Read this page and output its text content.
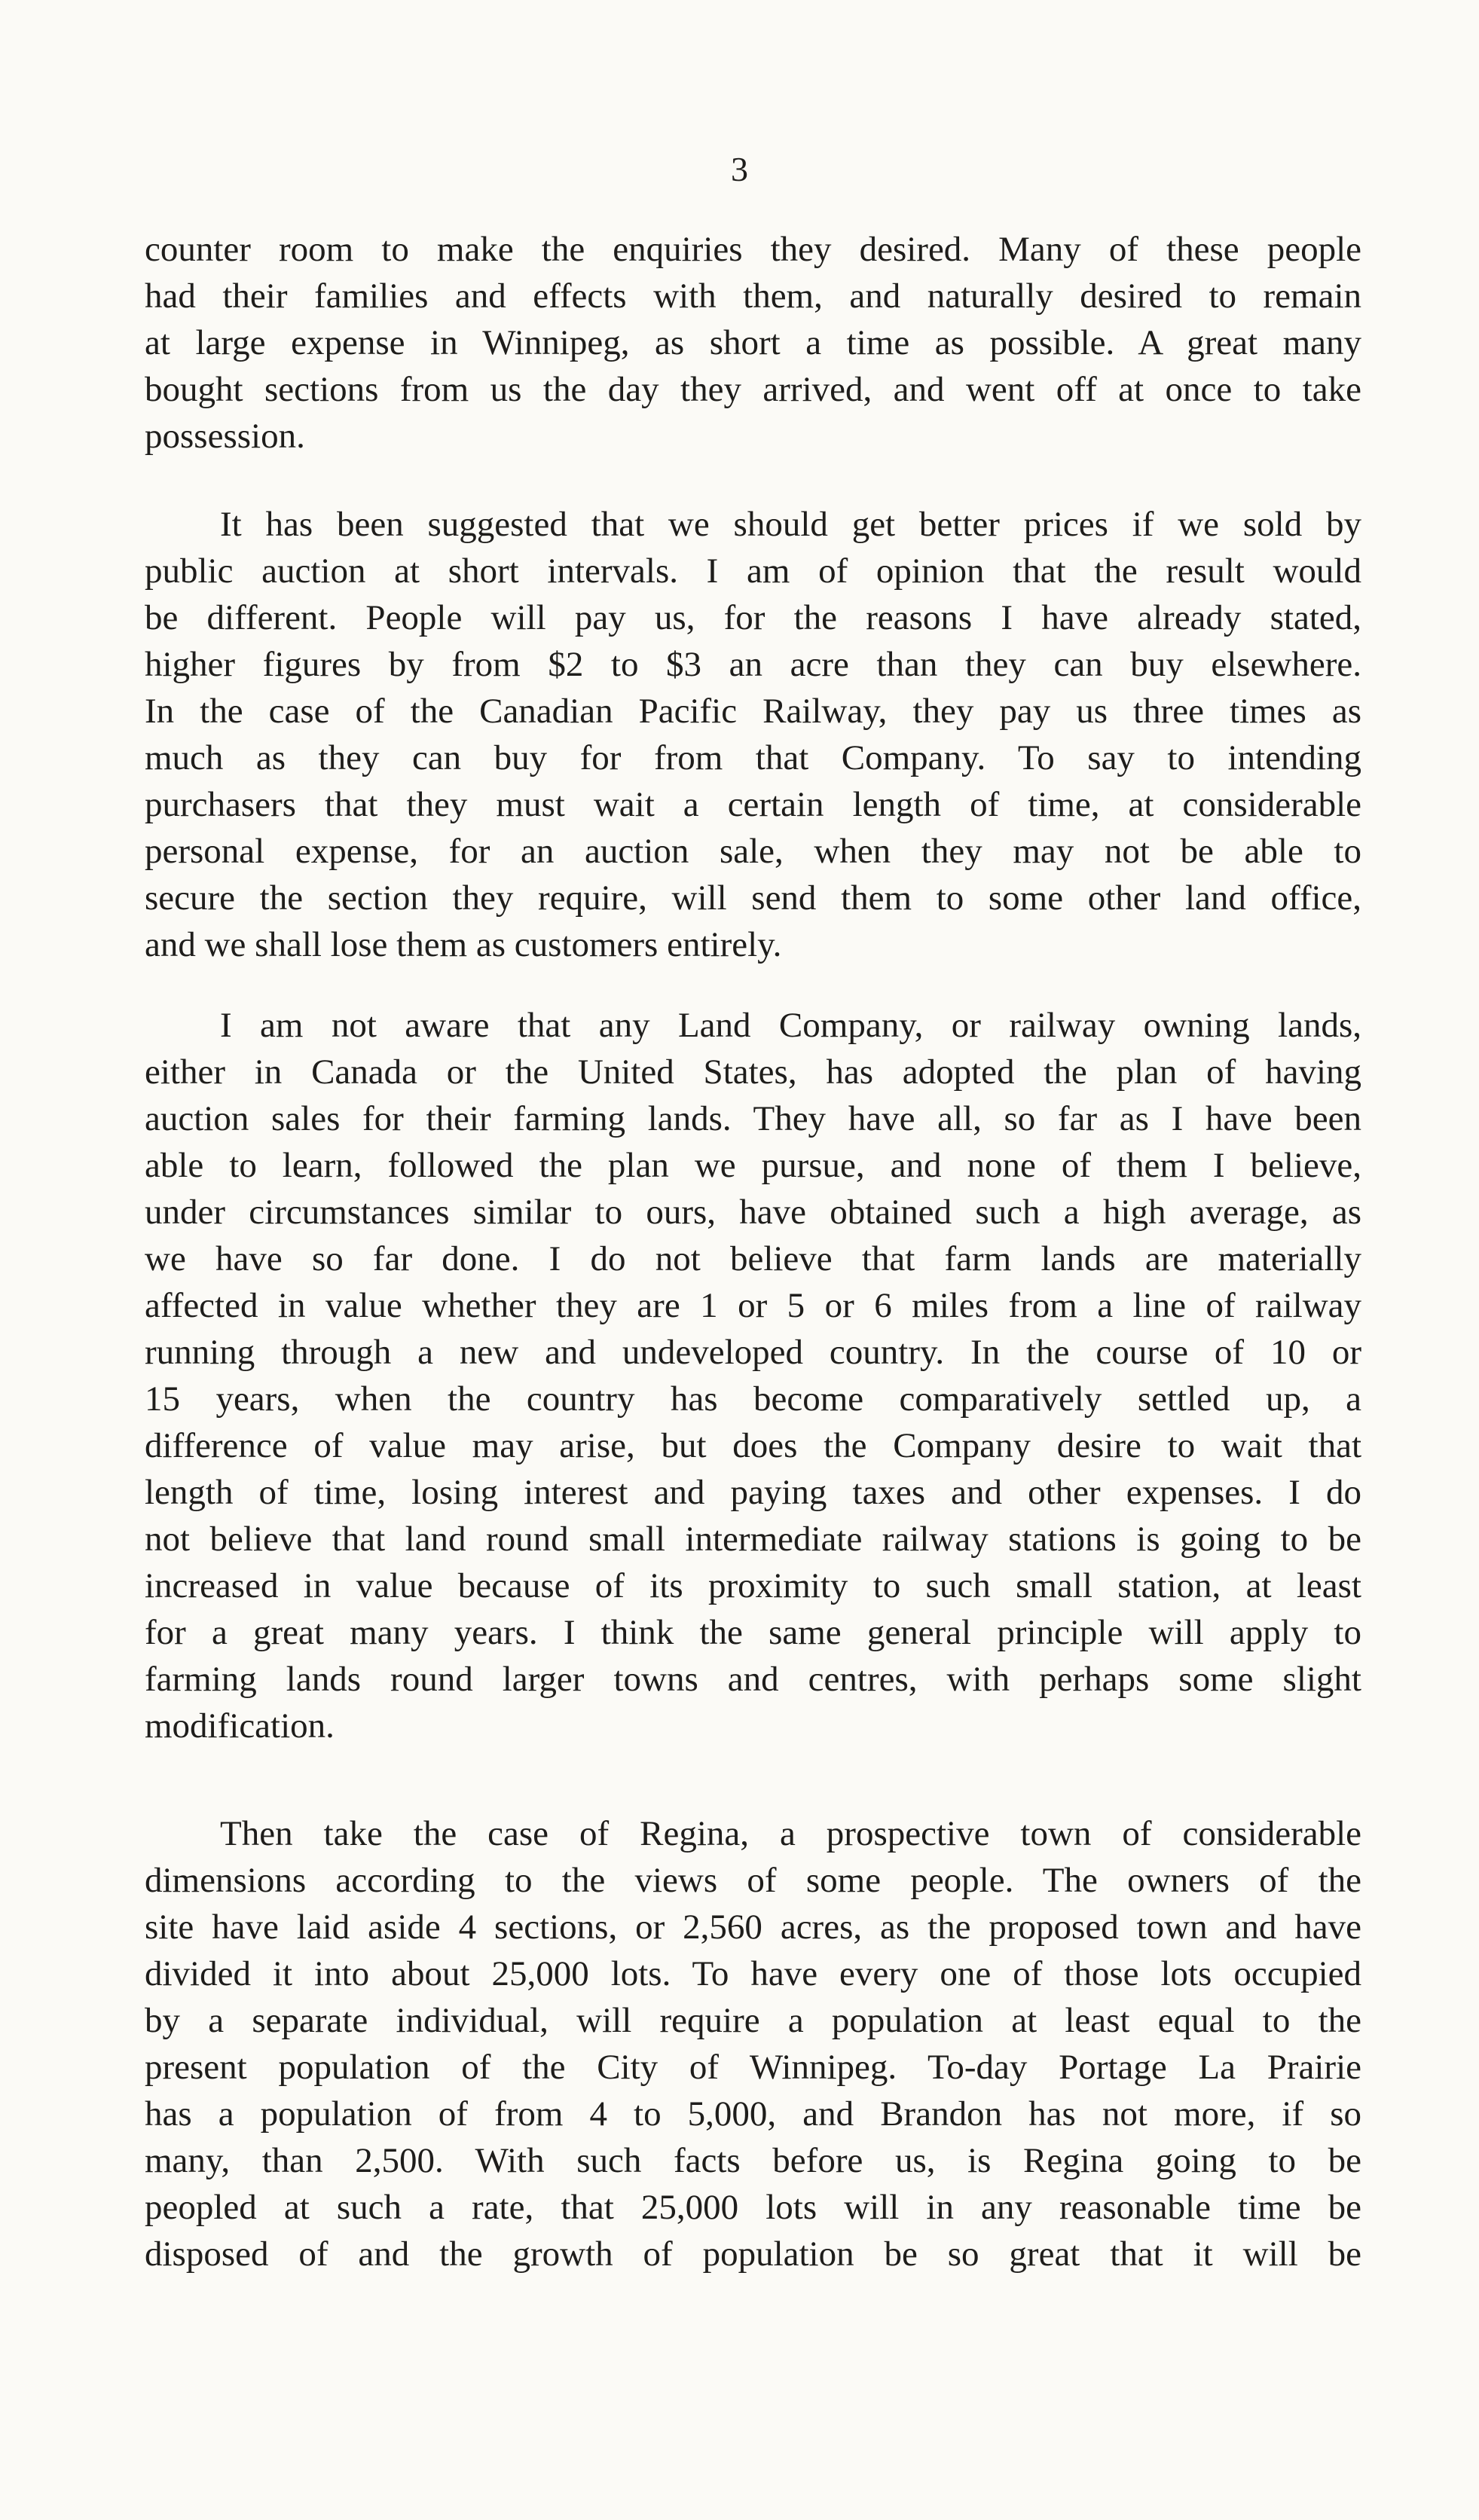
3
counter room to make the enquiries they desired. Many of these people
had their families and effects with them, and naturally desired to remain
at large expense in Winnipeg, as short a time as possible. A great many
bought sections from us the day they arrived, and went off at once to take
possession.
It has been suggested that we should get better prices if we sold by
public auction at short intervals. I am of opinion that the result would
be different. People will pay us, for the reasons I have already stated,
higher figures by from $2 to $3 an acre than they can buy elsewhere.
In the case of the Canadian Pacific Railway, they pay us three times as
much as they can buy for from that Company. To say to intending
purchasers that they must wait a certain length of time, at considerable
personal expense, for an auction sale, when they may not be able to
secure the section they require, will send them to some other land office,
and we shall lose them as customers entirely.
I am not aware that any Land Company, or railway owning lands,
either in Canada or the United States, has adopted the plan of having
auction sales for their farming lands. They have all, so far as I have been
able to learn, followed the plan we pursue, and none of them I believe,
under circumstances similar to ours, have obtained such a high average, as
we have so far done. I do not believe that farm lands are materially
affected in value whether they are 1 or 5 or 6 miles from a line of railway
running through a new and undeveloped country. In the course of 10 or
15 years, when the country has become comparatively settled up, a
difference of value may arise, but does the Company desire to wait that
length of time, losing interest and paying taxes and other expenses. I do
not believe that land round small intermediate railway stations is going to be
increased in value because of its proximity to such small station, at least
for a great many years. I think the same general principle will apply to
farming lands round larger towns and centres, with perhaps some slight
modification.
Then take the case of Regina, a prospective town of considerable
dimensions according to the views of some people. The owners of the
site have laid aside 4 sections, or 2,560 acres, as the proposed town and have
divided it into about 25,000 lots. To have every one of those lots occupied
by a separate individual, will require a population at least equal to the
present population of the City of Winnipeg. To-day Portage La Prairie
has a population of from 4 to 5,000, and Brandon has not more, if so
many, than 2,500. With such facts before us, is Regina going to be
peopled at such a rate, that 25,000 lots will in any reasonable time be
disposed of and the growth of population be so great that it will be
